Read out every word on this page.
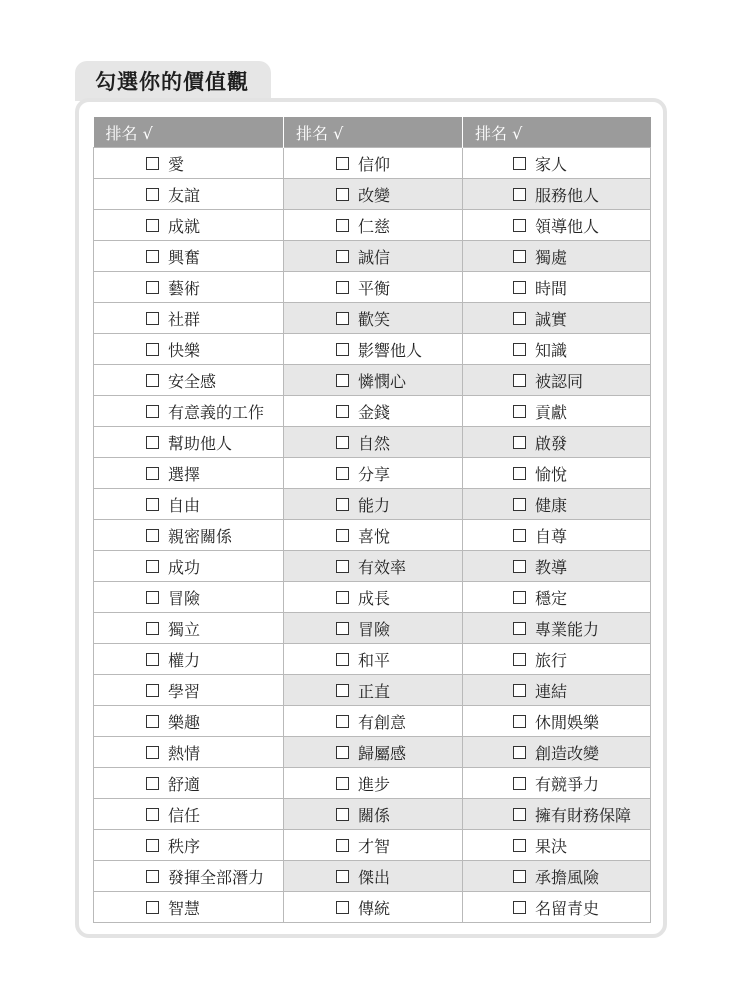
勾選你的價值觀
排名 √	排名 √	排名 √

愛	信仰	家人

友誼	改變	服務他人

成就	仁慈	領導他人

興奮	誠信	獨處

藝術	平衡	時間

社群	歡笑	誠實

快樂	影響他人	知識

安全感	憐憫心	被認同

有意義的工作	金錢	貢獻

幫助他人	自然	啟發

選擇	分享	愉悅

自由	能力	健康

親密關係	喜悅	自尊

成功	有效率	教導

冒險	成長	穩定

獨立	冒險	專業能力

權力	和平	旅行

學習	正直	連結

樂趣	有創意	休閒娛樂

熱情	歸屬感	創造改變

舒適	進步	有競爭力

信任	關係	擁有財務保障

秩序	才智	果決

發揮全部潛力	傑出	承擔風險

智慧	傳統	名留青史
